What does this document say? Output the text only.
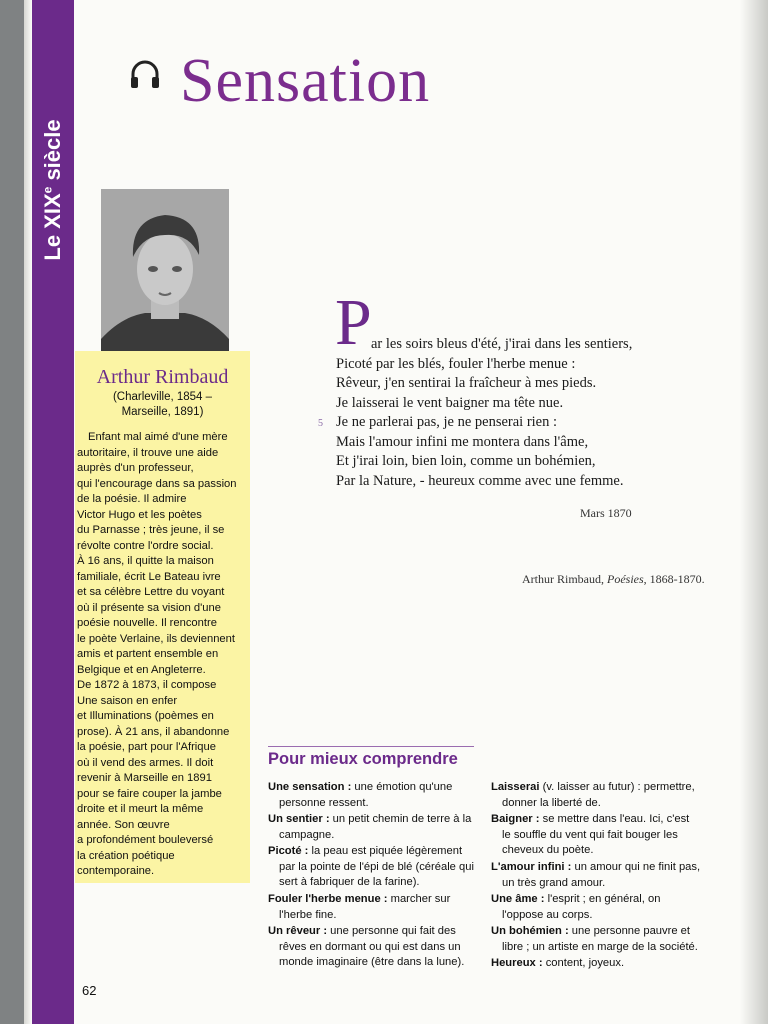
Le XIXe siècle
Sensation
Arthur Rimbaud
(Charleville, 1854 –
Marseille, 1891)
Enfant mal aimé d'une mère
autoritaire, il trouve une aide
auprès d'un professeur,
qui l'encourage dans sa passion
de la poésie. Il admire
Victor Hugo et les poètes
du Parnasse ; très jeune, il se
révolte contre l'ordre social.
À 16 ans, il quitte la maison
familiale, écrit Le Bateau ivre
et sa célèbre Lettre du voyant
où il présente sa vision d'une
poésie nouvelle. Il rencontre
le poète Verlaine, ils deviennent
amis et partent ensemble en
Belgique et en Angleterre.
De 1872 à 1873, il compose
Une saison en enfer
et Illuminations (poèmes en
prose). À 21 ans, il abandonne
la poésie, part pour l'Afrique
où il vend des armes. Il doit
revenir à Marseille en 1891
pour se faire couper la jambe
droite et il meurt la même
année. Son œuvre
a profondément bouleversé
la création poétique
contemporaine.
P ar les soirs bleus d'été, j'irai dans les sentiers,
Picoté par les blés, fouler l'herbe menue :
Rêveur, j'en sentirai la fraîcheur à mes pieds.
Je laisserai le vent baigner ma tête nue.
Je ne parlerai pas, je ne penserai rien :
Mais l'amour infini me montera dans l'âme,
Et j'irai loin, bien loin, comme un bohémien,
Par la Nature, - heureux comme avec une femme.
5
Mars 1870
Arthur Rimbaud, Poésies, 1868-1870.
Pour mieux comprendre
Une sensation : une émotion qu'une personne ressent.
Un sentier : un petit chemin de terre à la campagne.
Picoté : la peau est piquée légèrement par la pointe de l'épi de blé (céréale qui sert à fabriquer de la farine).
Fouler l'herbe menue : marcher sur l'herbe fine.
Un rêveur : une personne qui fait des rêves en dormant ou qui est dans un monde imaginaire (être dans la lune).
Laisserai (v. laisser au futur) : permettre, donner la liberté de.
Baigner : se mettre dans l'eau. Ici, c'est le souffle du vent qui fait bouger les cheveux du poète.
L'amour infini : un amour qui ne finit pas, un très grand amour.
Une âme : l'esprit ; en général, on l'oppose au corps.
Un bohémien : une personne pauvre et libre ; un artiste en marge de la société.
Heureux : content, joyeux.
62
